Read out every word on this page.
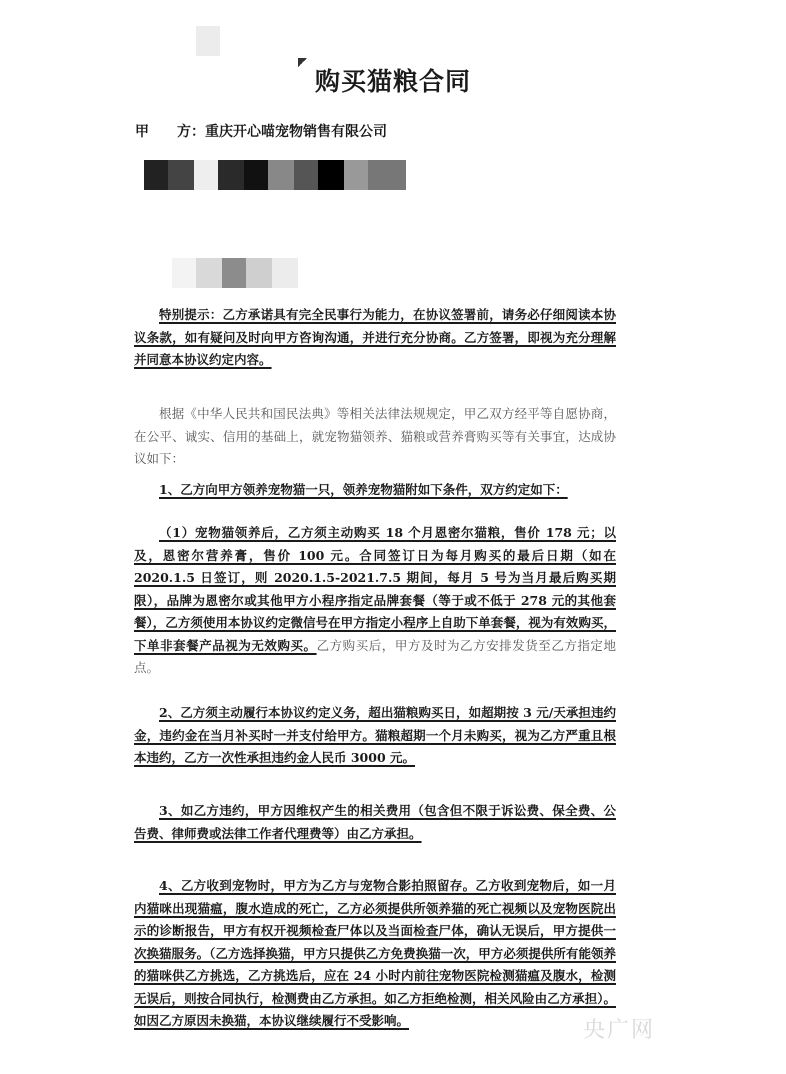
购买猫粮合同
甲 方：重庆开心喵宠物销售有限公司
特别提示：乙方承诺具有完全民事行为能力，在协议签署前，请务必仔细阅读本协议条款，如有疑问及时向甲方咨询沟通，并进行充分协商。乙方签署，即视为充分理解并同意本协议约定内容。
根据《中华人民共和国民法典》等相关法律法规规定，甲乙双方经平等自愿协商，在公平、诚实、信用的基础上，就宠物猫领养、猫粮或营养膏购买等有关事宜，达成协议如下：
1、乙方向甲方领养宠物猫一只，领养宠物猫附如下条件，双方约定如下：
（1）宠物猫领养后，乙方须主动购买 18 个月恩密尔猫粮，售价 178 元；以及，恩密尔营养膏，售价 100 元。合同签订日为每月购买的最后日期（如在 2020.1.5 日签订，则 2020.1.5-2021.7.5 期间，每月 5 号为当月最后购买期限），品牌为恩密尔或其他甲方小程序指定品牌套餐（等于或不低于 278 元的其他套餐），乙方须使用本协议约定微信号在甲方指定小程序上自助下单套餐，视为有效购买，下单非套餐产品视为无效购买。乙方购买后，甲方及时为乙方安排发货至乙方指定地点。
2、乙方须主动履行本协议约定义务，超出猫粮购买日，如超期按 3 元/天承担违约金，违约金在当月补买时一并支付给甲方。猫粮超期一个月未购买，视为乙方严重且根本违约，乙方一次性承担违约金人民币 3000 元。
3、如乙方违约，甲方因维权产生的相关费用（包含但不限于诉讼费、保全费、公告费、律师费或法律工作者代理费等）由乙方承担。
4、乙方收到宠物时，甲方为乙方与宠物合影拍照留存。乙方收到宠物后，如一月内猫咪出现猫瘟，腹水造成的死亡，乙方必须提供所领养猫的死亡视频以及宠物医院出示的诊断报告，甲方有权开视频检查尸体以及当面检查尸体，确认无误后，甲方提供一次换猫服务。（乙方选择换猫，甲方只提供乙方免费换猫一次，甲方必须提供所有能领养的猫咪供乙方挑选，乙方挑选后，应在 24 小时内前往宠物医院检测猫瘟及腹水，检测无误后，则按合同执行，检测费由乙方承担。如乙方拒绝检测，相关风险由乙方承担）。如因乙方原因未换猫，本协议继续履行不受影响。	央广网
